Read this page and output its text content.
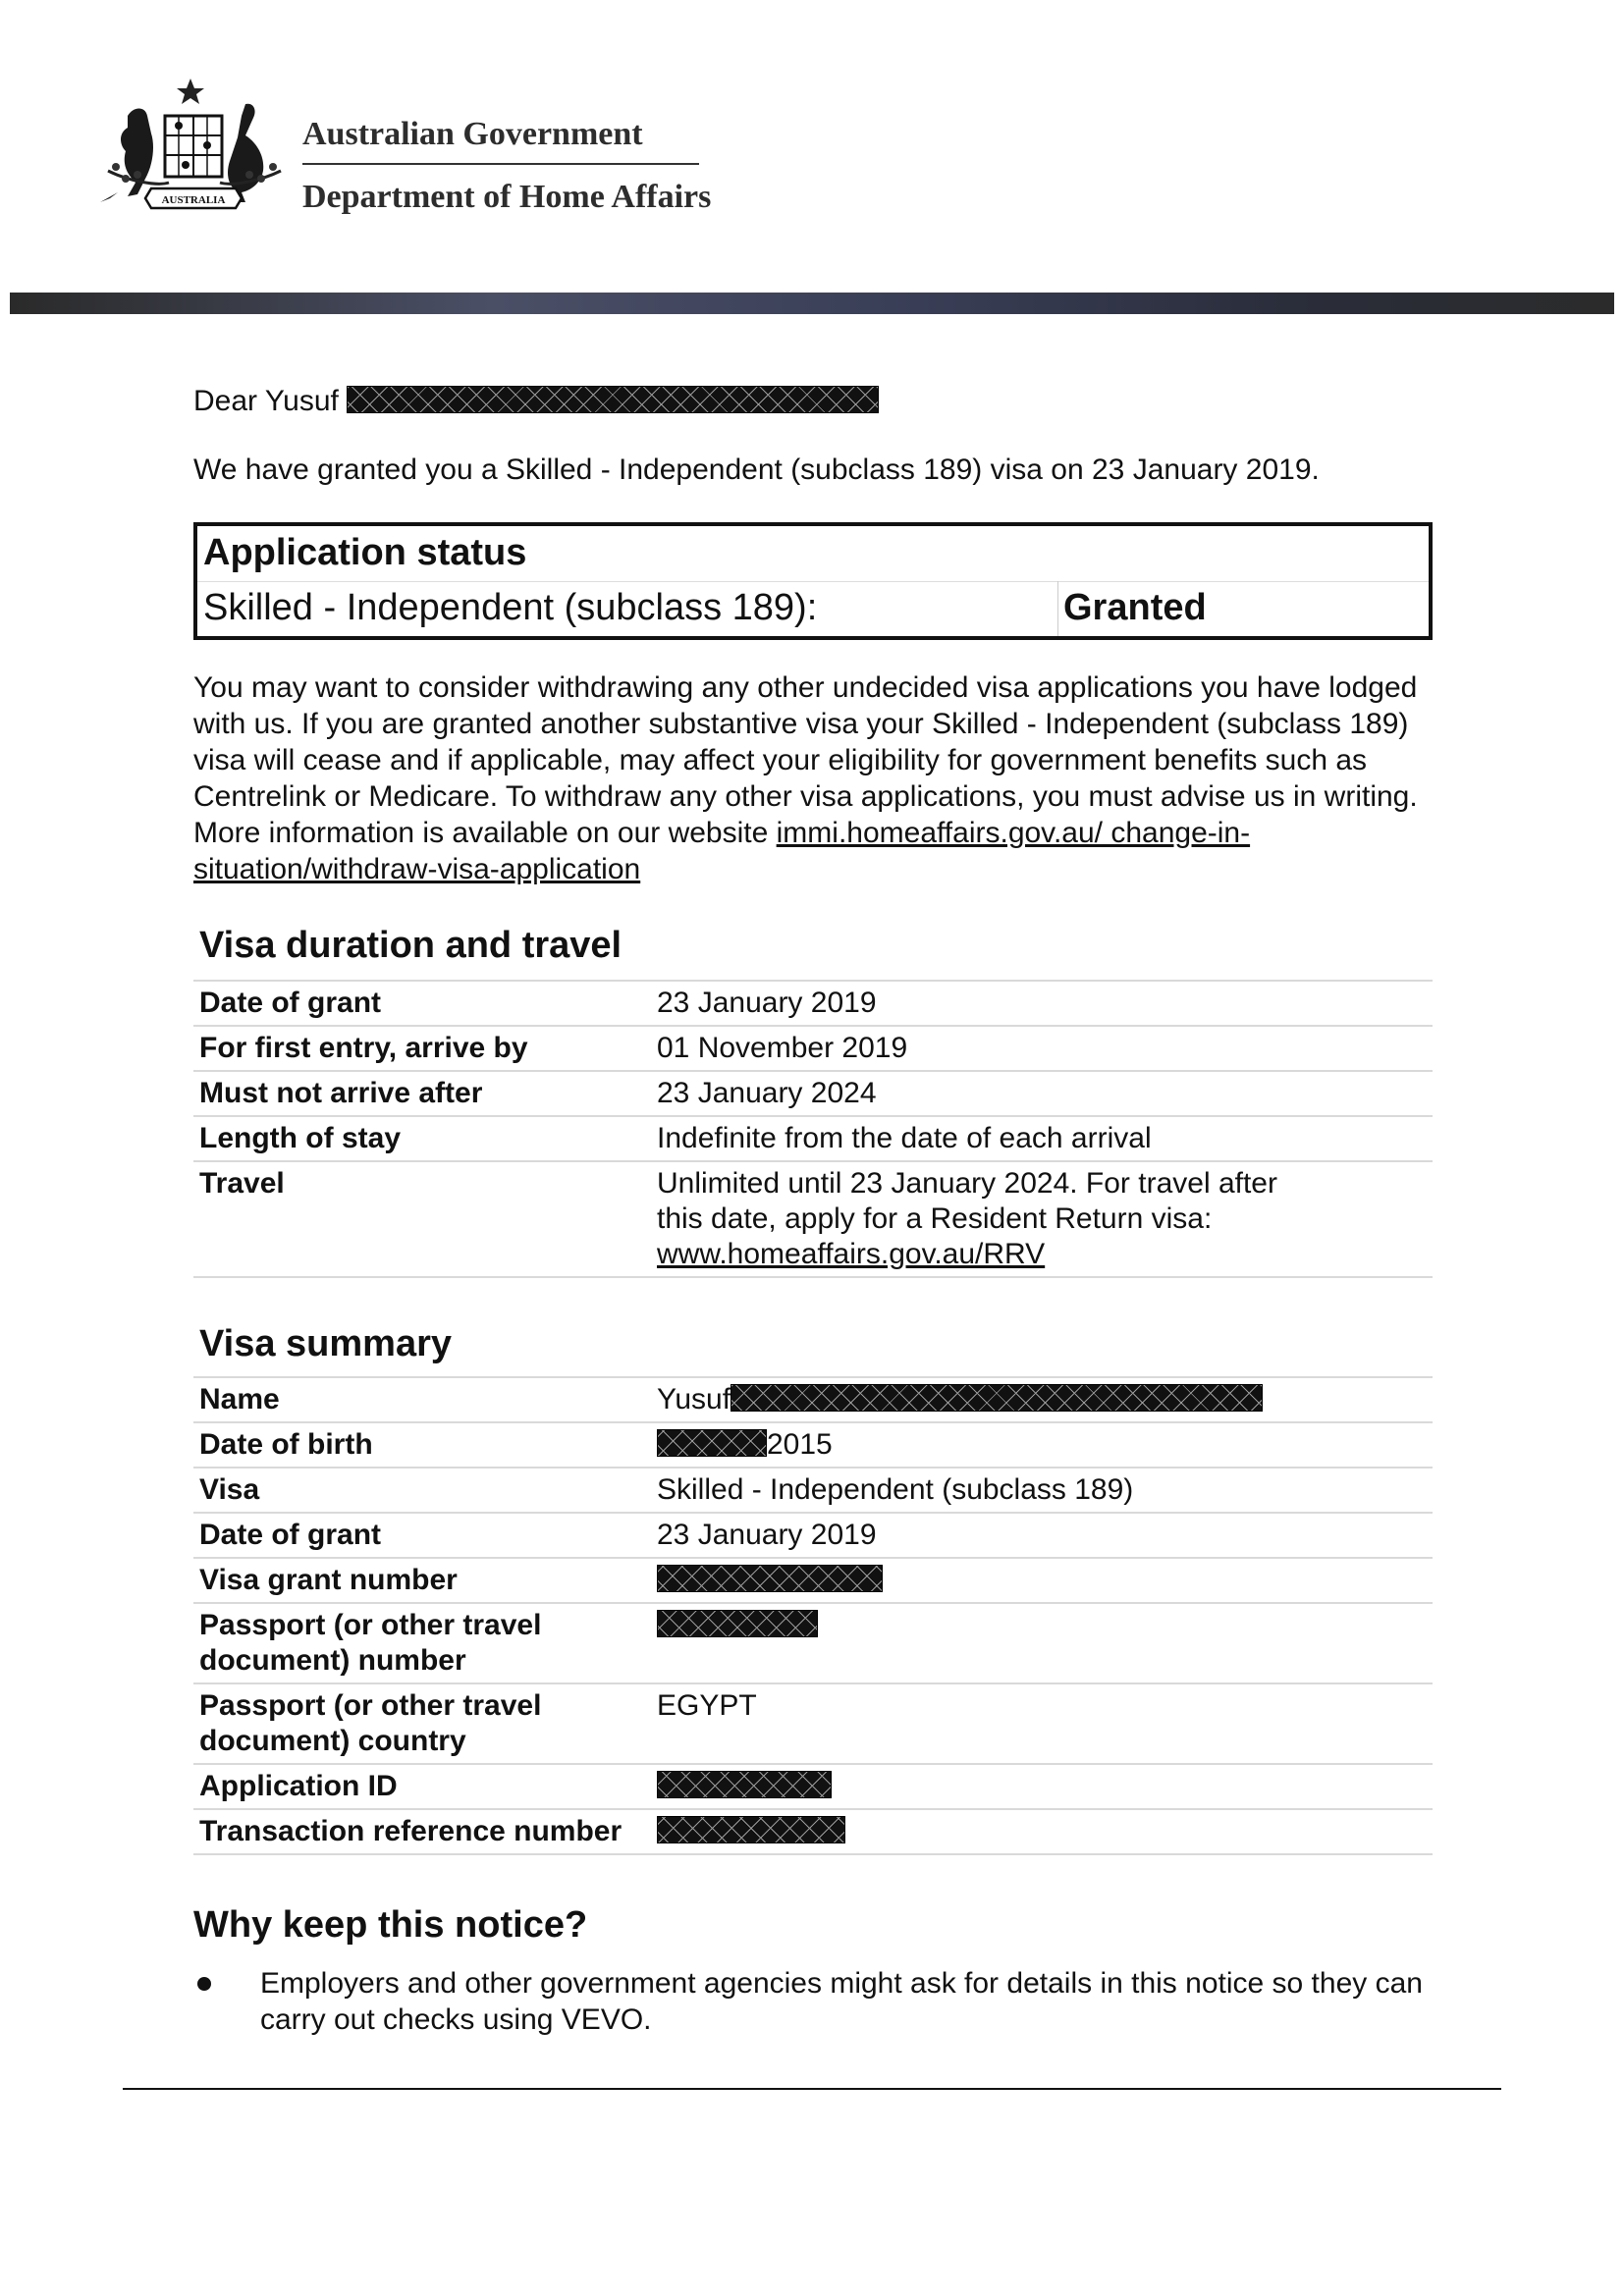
AUSTRALIA
Australian Government
Department of Home Affairs

Dear Yusuf

We have granted you a Skilled - Independent (subclass 189) visa on 23 January 2019.

Application status
Skilled - Independent (subclass 189):	Granted
You may want to consider withdrawing any other undecided visa applications you have lodged with us. If you are granted another substantive visa your Skilled - Independent (subclass 189) visa will cease and if applicable, may affect your eligibility for government benefits such as Centrelink or Medicare. To withdraw any other visa applications, you must advise us in writing. More information is available on our website immi.homeaffairs.gov.au/ change-in-situation/withdraw-visa-application
Visa duration and travel
Date of grant	23 January 2019
For first entry, arrive by	01 November 2019
Must not arrive after	23 January 2024
Length of stay	Indefinite from the date of each arrival
Travel	Unlimited until 23 January 2024. For travel after this date, apply for a Resident Return visa:
www.homeaffairs.gov.au/RRV
Visa summary
Name	Yusuf
Date of birth	2015
Visa	Skilled - Independent (subclass 189)
Date of grant	23 January 2019
Visa grant number	
Passport (or other travel document) number	
Passport (or other travel document) country	EGYPT
Application ID	
Transaction reference number	
Why keep this notice?
Employers and other government agencies might ask for details in this notice so they can carry out checks using VEVO.
